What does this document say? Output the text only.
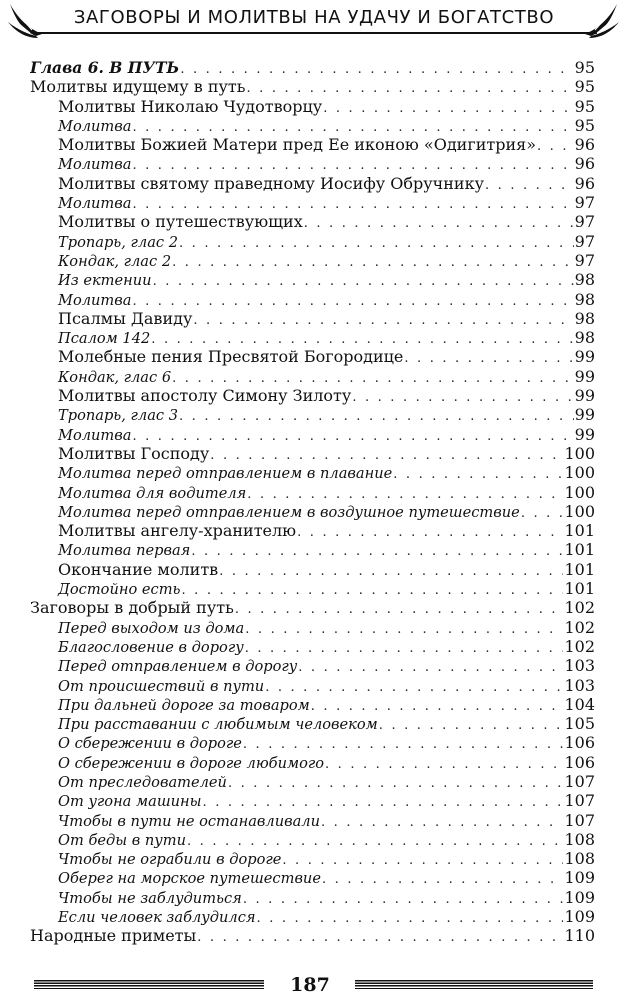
ЗАГОВОРЫ И МОЛИТВЫ НА УДАЧУ И БОГАТСТВО
Глава 6. В ПУТЬ . . .	95
Молитвы идущему в путь . . .	95
Молитвы Николаю Чудотворцу . . .	95
Молитва . . .	95
Молитвы Божией Матери пред Ее иконою «Одигитрия» . . . 96
Молитва . . .	96
Молитвы святому праведному Иосифу Обручнику . . .	96
Молитва . . .	97
Молитвы о путешествующих . . .	97
Тропарь, глас 2 . . .	97
Кондак, глас 2 . . .	97
Из ектении . . .	98
Молитва . . .	98
Псалмы Давиду . . .	98
Псалом 142 . . .	98
Молебные пения Пресвятой Богородице . . .	99
Кондак, глас 6 . . .	99
Молитвы апостолу Симону Зилоту . . .	99
Тропарь, глас 3 . . .	99
Молитва . . .	99
Молитвы Господу . . .	100
Молитва перед отправлением в плавание . . .	100
Молитва для водителя . . .	100
Молитва перед отправлением в воздушное путешествие . . .	100
Молитвы ангелу-хранителю . . .	101
Молитва первая . . .	101
Окончание молитв . . .	101
Достойно есть . . .	101
Заговоры в добрый путь . . .	102
Перед выходом из дома . . .	102
Благословение в дорогу . . .	102
Перед отправлением в дорогу . . .	103
От происшествий в пути . . .	103
При дальней дороге за товаром . . .	104
При расставании с любимым человеком . . .	105
О сбережении в дороге . . .	106
О сбережении в дороге любимого . . .	106
От преследователей . . .	107
От угона машины . . .	107
Чтобы в пути не останавливали . . .	107
От беды в пути . . .	108
Чтобы не ограбили в дороге . . .	108
Оберег на морское путешествие . . .	109
Чтобы не заблудиться . . .	109
Если человек заблудился . . .	109
Народные приметы . . .	110
187
